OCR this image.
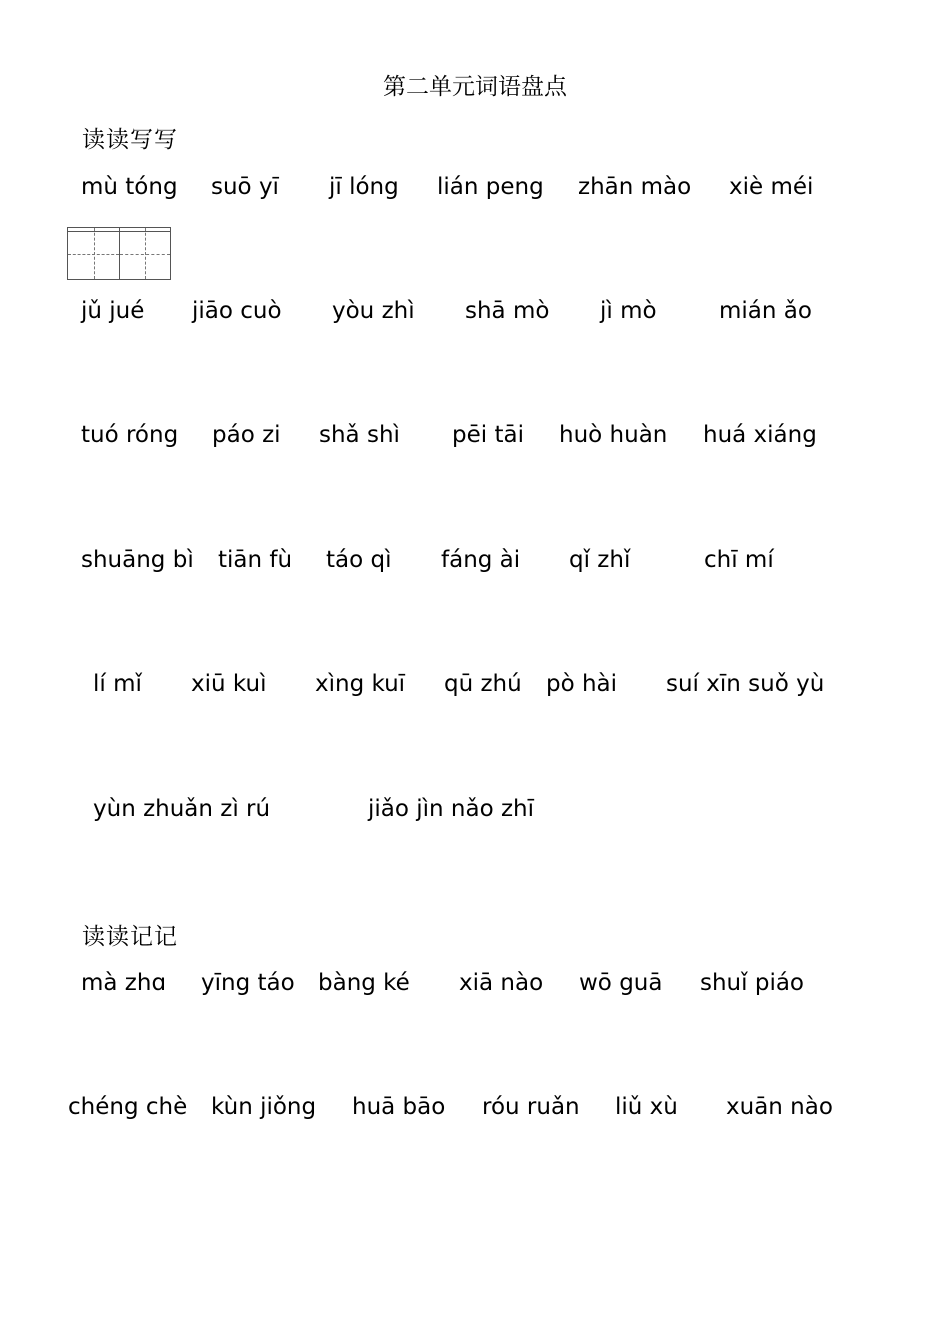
第二单元词语盘点
读读写写
mù tóng suō yī jī lóng lián peng zhān mào xiè méi
jǔ jué jiāo cuò yòu zhì shā mò jì mò	mián ǎo
tuó róng páo zi shǎ shì pēi tāi huò huàn huá xiáng
shuāng bì tiān fù táo qì fáng ài qǐ zhǐ	chī mí
lí mǐ xiū kuì xìng kuī qū zhú pò hài suí xīn suǒ yù
yùn zhuǎn zì rú	jiǎo jìn nǎo zhī
读读记记
mà zhɑ yīng táo bàng ké xiā nào wō guā shuǐ piáo
chéng chè kùn jiǒng huā bāo róu ruǎn liǔ xù xuān nào
